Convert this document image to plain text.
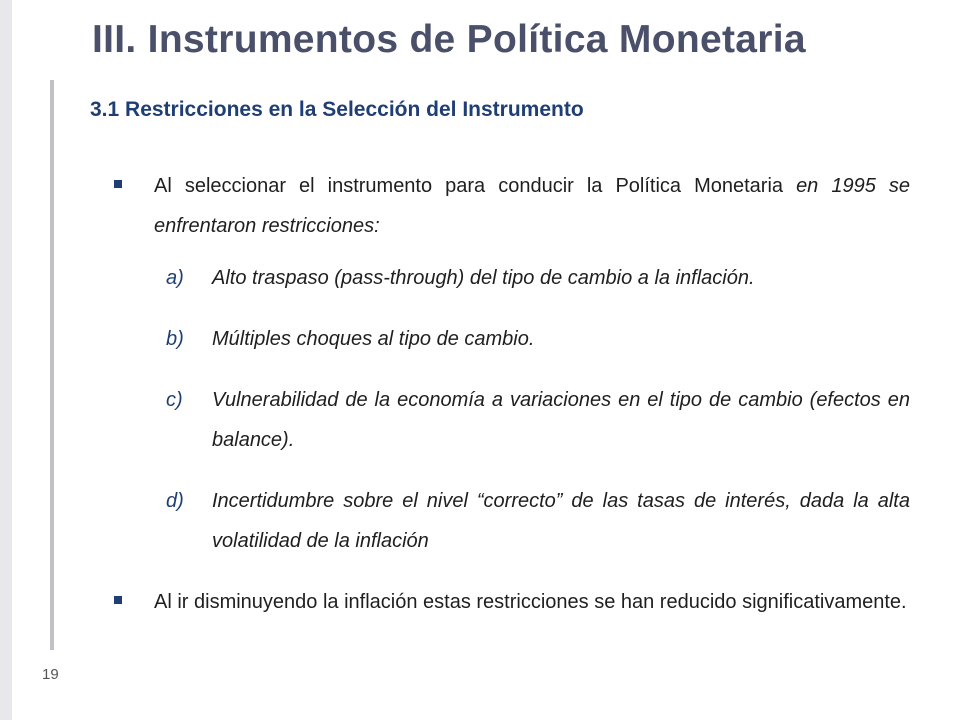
III. Instrumentos de Política Monetaria
3.1 Restricciones en la Selección del Instrumento
Al seleccionar el instrumento para conducir la Política Monetaria en 1995 se enfrentaron restricciones:
a) Alto traspaso (pass-through) del tipo de cambio a la inflación.
b) Múltiples choques al tipo de cambio.
c) Vulnerabilidad de la economía a variaciones en el tipo de cambio (efectos en balance).
d) Incertidumbre sobre el nivel “correcto” de las tasas de interés, dada la alta volatilidad de la inflación
Al ir disminuyendo la inflación estas restricciones se han reducido significativamente.
19
